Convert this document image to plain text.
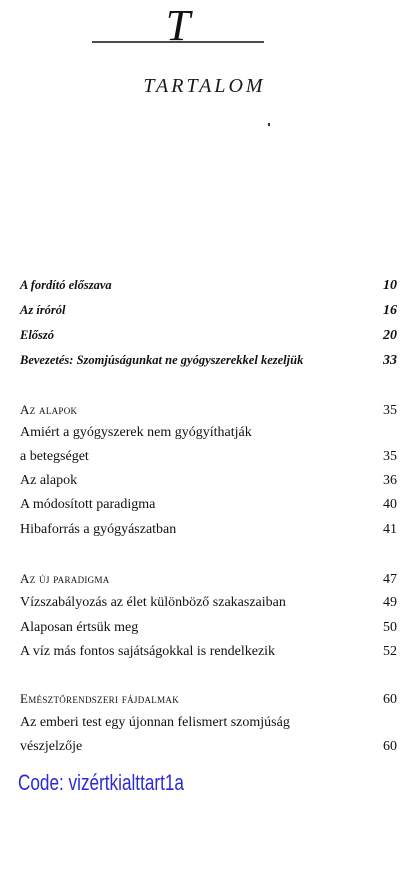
T
TARTALOM
A fordító előszava	10
Az íróról	16
Előszó	20
Bevezetés: Szomjúságunkat ne gyógyszerekkel kezeljük	33
Az alapok	35
Amiért a gyógyszerek nem gyógyíthatják
a betegséget	35
Az alapok	36
A módosított paradigma	40
Hibaforrás a gyógyászatban	41
Az új paradigma	47
Vízszabályozás az élet különböző szakaszaiban	49
Alaposan értsük meg	50
A víz más fontos sajátságokkal is rendelkezik	52
Emésztőrendszeri fájdalmak	60
Az emberi test egy újonnan felismert szomjúság
vészjelzője	60
Code: vizértkialttart1a
